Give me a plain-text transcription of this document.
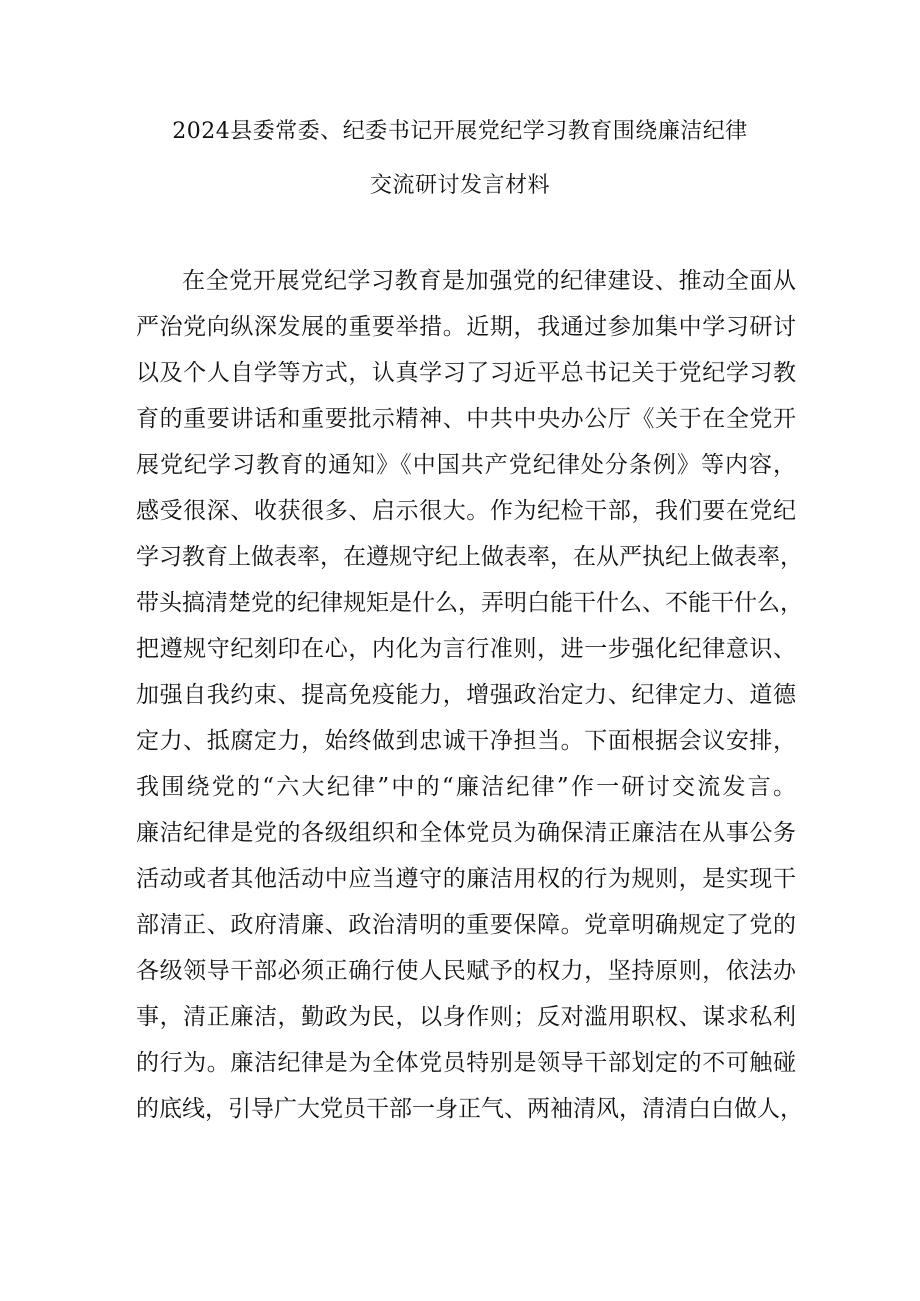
2024县委常委、纪委书记开展党纪学习教育围绕廉洁纪律
交流研讨发言材料
在全党开展党纪学习教育是加强党的纪律建设、推动全面从
严治党向纵深发展的重要举措。近期，我通过参加集中学习研讨
以及个人自学等方式，认真学习了习近平总书记关于党纪学习教
育的重要讲话和重要批示精神、中共中央办公厅《关于在全党开
展党纪学习教育的通知》《中国共产党纪律处分条例》等内容，
感受很深、收获很多、启示很大。作为纪检干部，我们要在党纪
学习教育上做表率，在遵规守纪上做表率，在从严执纪上做表率，
带头搞清楚党的纪律规矩是什么，弄明白能干什么、不能干什么，
把遵规守纪刻印在心，内化为言行准则，进一步强化纪律意识、
加强自我约束、提高免疫能力，增强政治定力、纪律定力、道德
定力、抵腐定力，始终做到忠诚干净担当。下面根据会议安排，
我围绕党的“六大纪律”中的“廉洁纪律”作一研讨交流发言。
廉洁纪律是党的各级组织和全体党员为确保清正廉洁在从事公务
活动或者其他活动中应当遵守的廉洁用权的行为规则，是实现干
部清正、政府清廉、政治清明的重要保障。党章明确规定了党的
各级领导干部必须正确行使人民赋予的权力，坚持原则，依法办
事，清正廉洁，勤政为民，以身作则；反对滥用职权、谋求私利
的行为。廉洁纪律是为全体党员特别是领导干部划定的不可触碰
的底线，引导广大党员干部一身正气、两袖清风，清清白白做人，
